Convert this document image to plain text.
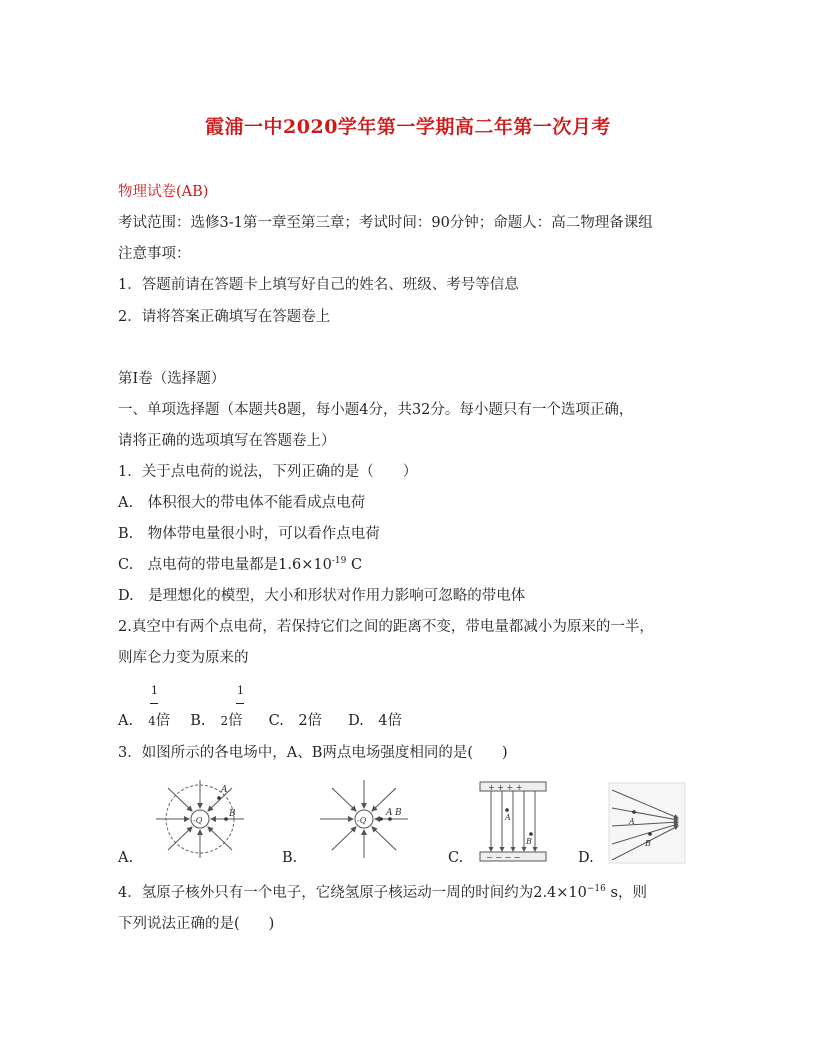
霞浦一中2020学年第一学期高二年第一次月考
物理试卷(AB)
考试范围：选修3-1第一章至第三章；考试时间：90分钟；命题人：高二物理备课组
注意事项：
1．答题前请在答题卡上填写好自己的姓名、班级、考号等信息
2．请将答案正确填写在答题卷上
第I卷（选择题）
一、单项选择题（本题共8题，每小题4分，共32分。每小题只有一个选项正确，
请将正确的选项填写在答题卷上）
1．关于点电荷的说法，下列正确的是（　　）
A.　体积很大的带电体不能看成点电荷
B.　物体带电量很小时，可以看作点电荷
C.　点电荷的带电量都是$1.6\times 10^{-19}$ C
D.　是理想化的模型，大小和形状对作用力影响可忽略的带电体
2.真空中有两个点电荷，若保持它们之间的距离不变，带电量都减小为原来的一半，
则库仑力变为原来的
1	1
A. 4倍 B. 2倍 C.　2倍 D.　4倍
3．如图所示的各电场中，A、B两点电场强度相同的是(　　)
-Q
A
B
A.
-Q
A B
B.
+ + + +
− − − −
A
B
C.
A
B
D.
4．氢原子核外只有一个电子，它绕氢原子核运动一周的时间约为$2.4\times 10^{-16}$ s，则
下列说法正确的是(　　)
